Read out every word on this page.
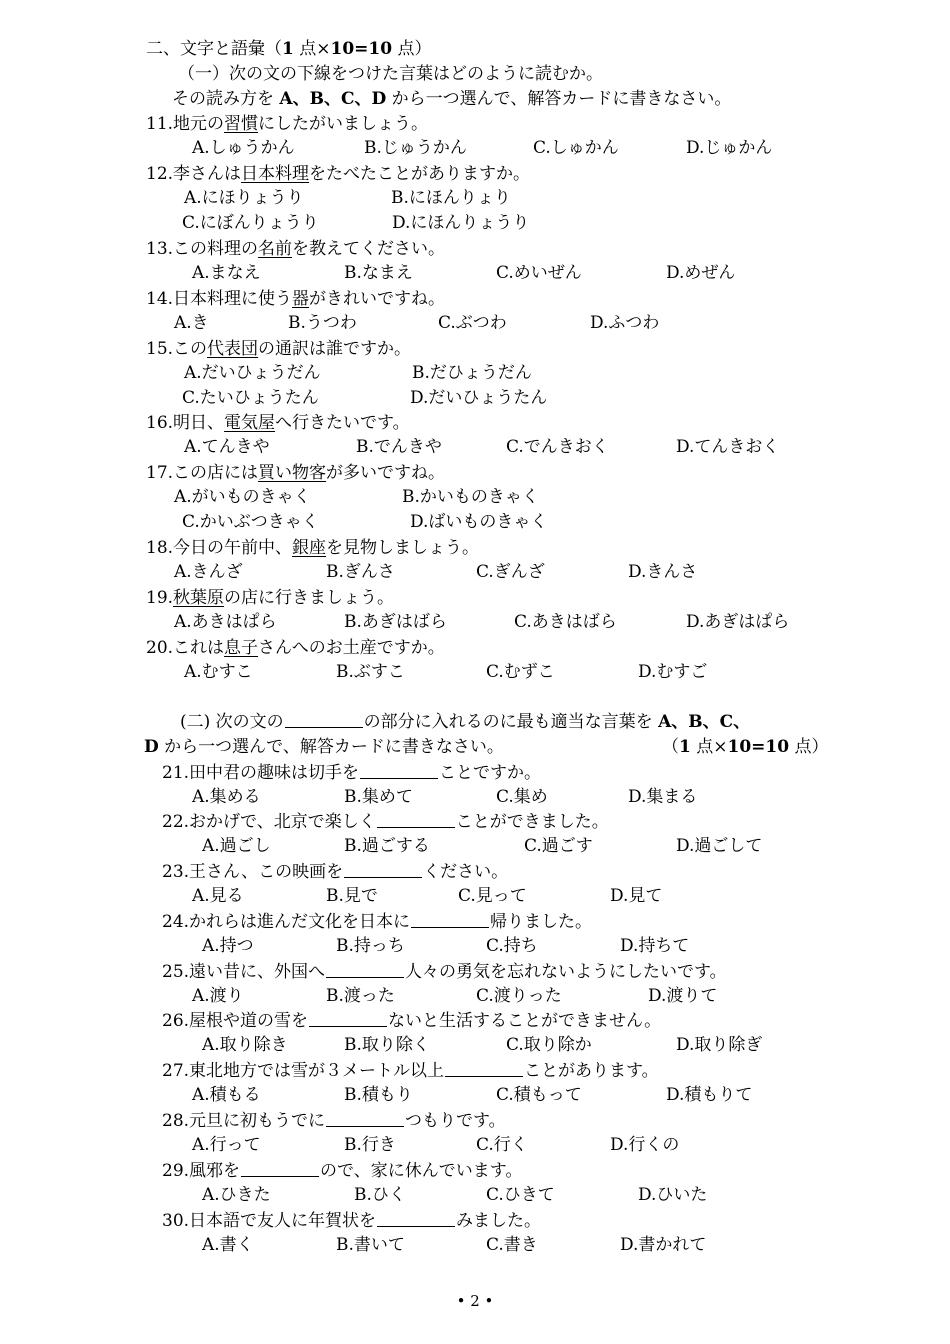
二、文字と語彙（1 点×10=10 点）
（一）次の文の下線をつけた言葉はどのように読むか。
その読み方を A、B、C、D から一つ選んで、解答カードに書きなさい。
11.地元の習慣にしたがいましょう。
A.しゅうかん	B.じゅうかん	C.しゅかん	D.じゅかん
12.李さんは日本料理をたべたことがありますか。
A.にほりょうり	B.にほんりょり
C.にぼんりょうり	D.にほんりょうり
13.この料理の名前を教えてください。
A.まなえ	B.なまえ	C.めいぜん	D.めぜん
14.日本料理に使う器がきれいですね。
A.き	B.うつわ	C.ぶつわ	D.ふつわ
15.この代表団の通訳は誰ですか。
A.だいひょうだん	B.だひょうだん
C.たいひょうたん	D.だいひょうたん
16.明日、電気屋へ行きたいです。
A.てんきや	B.でんきや	C.でんきおく	D.てんきおく
17.この店には買い物客が多いですね。
A.がいものきゃく	B.かいものきゃく
C.かいぶつきゃく	D.ばいものきゃく
18.今日の午前中、銀座を見物しましょう。
A.きんざ	B.ぎんさ	C.ぎんざ	D.きんさ
19.秋葉原の店に行きましょう。
A.あきはぱら	B.あぎはばら	C.あきはばら	D.あぎはぱら
20.これは息子さんへのお土産ですか。
A.むすこ	B.ぶすこ	C.むずこ	D.むすご
(二) 次の文の	の部分に入れるのに最も適当な言葉を A、B、C、
D から一つ選んで、解答カードに書きなさい。	（1 点×10=10 点）
21.田中君の趣味は切手を	ことですか。
A.集める	B.集めて	C.集め	D.集まる
22.おかげで、北京で楽しく	ことができました。
A.過ごし	B.過ごする	C.過ごす	D.過ごして
23.王さん、この映画を	ください。
A.見る	B.見で	C.見って	D.見て
24.かれらは進んだ文化を日本に	帰りました。
A.持つ	B.持っち	C.持ち	D.持ちて
25.遠い昔に、外国へ	人々の勇気を忘れないようにしたいです。
A.渡り	B.渡った	C.渡りった	D.渡りて
26.屋根や道の雪を	ないと生活することができません。
A.取り除き	B.取り除く	C.取り除か	D.取り除ぎ
27.東北地方では雪が３メートル以上	ことがあります。
A.積もる	B.積もり	C.積もって	D.積もりて
28.元旦に初もうでに	つもりです。
A.行って	B.行き	C.行く	D.行くの
29.風邪を	ので、家に休んでいます。
A.ひきた	B.ひく	C.ひきて	D.ひいた
30.日本語で友人に年賀状を	みました。
A.書く	B.書いて	C.書き	D.書かれて
• 2 •
